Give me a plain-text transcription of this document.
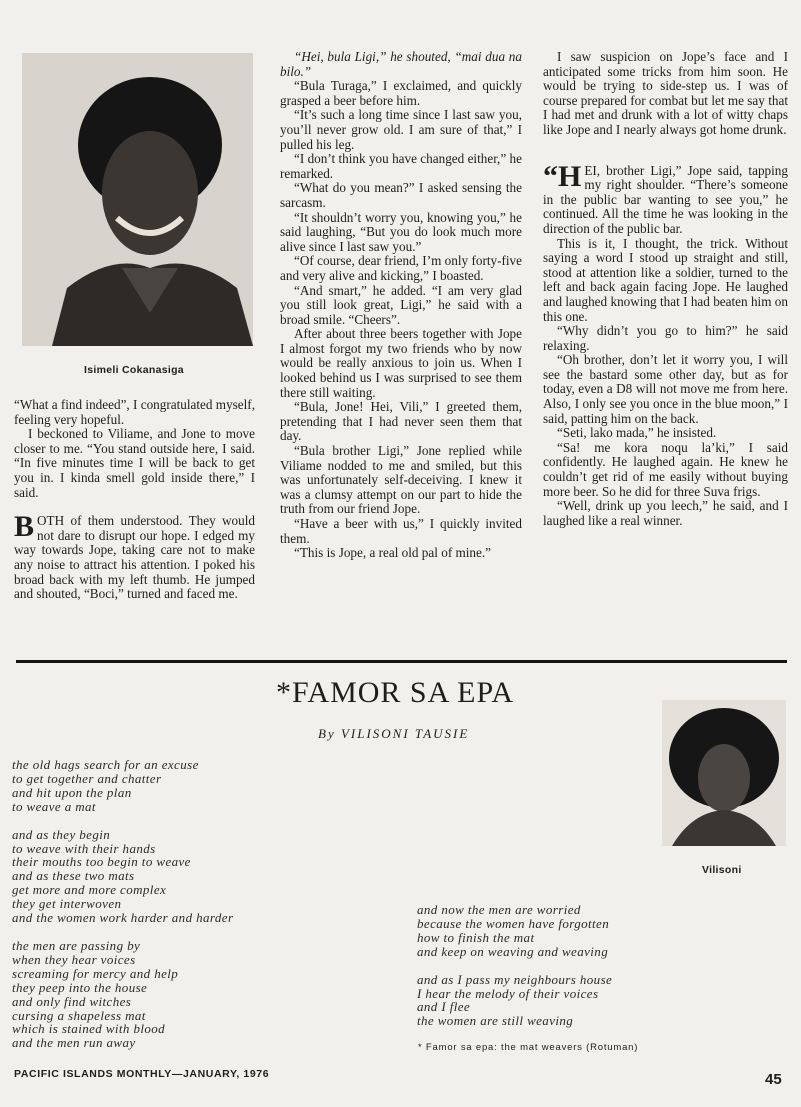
Isimeli Cokanasiga

“What a find indeed”, I congratulated myself, feeling very hopeful.

I beckoned to Viliame, and Jone to move closer to me. “You stand outside here, I said. “In five minutes time I will be back to get you in. I kinda smell gold inside there,” I said.

BOTH of them understood. They would not dare to disrupt our hope. I edged my way towards Jope, taking care not to make any noise to attract his attention. I poked his broad back with my left thumb. He jumped and shouted, “Boci,” turned and faced me.

“Hei, bula Ligi,” he shouted, “mai dua na bilo.”

“Bula Turaga,” I exclaimed, and quickly grasped a beer before him.

“It’s such a long time since I last saw you, you’ll never grow old. I am sure of that,” I pulled his leg.

“I don’t think you have changed either,” he remarked.

“What do you mean?” I asked sensing the sarcasm.

“It shouldn’t worry you, knowing you,” he said laughing, “But you do look much more alive since I last saw you.”

“Of course, dear friend, I’m only forty-five and very alive and kicking,” I boasted.

“And smart,” he added. “I am very glad you still look great, Ligi,” he said with a broad smile. “Cheers”.

After about three beers together with Jope I almost forgot my two friends who by now would be really anxious to join us. When I looked behind us I was surprised to see them there still waiting.

“Bula, Jone! Hei, Vili,” I greeted them, pretending that I had never seen them that day.

“Bula brother Ligi,” Jone replied while Viliame nodded to me and smiled, but this was unfortunately self-deceiving. I knew it was a clumsy attempt on our part to hide the truth from our friend Jope.

“Have a beer with us,” I quickly invited them.

“This is Jope, a real old pal of mine.”

I saw suspicion on Jope’s face and I anticipated some tricks from him soon. He would be trying to side-step us. I was of course prepared for combat but let me say that I had met and drunk with a lot of witty chaps like Jope and I nearly always got home drunk.

“HEI, brother Ligi,” Jope said, tapping my right shoulder. “There’s someone in the public bar wanting to see you,” he continued. All the time he was looking in the direction of the public bar.

This is it, I thought, the trick. Without saying a word I stood up straight and still, stood at attention like a soldier, turned to the left and back again facing Jope. He laughed and laughed knowing that I had beaten him on this one.

“Why didn’t you go to him?” he said relaxing.

“Oh brother, don’t let it worry you, I will see the bastard some other day, but as for today, even a D8 will not move me from here. Also, I only see you once in the blue moon,” I said, patting him on the back.

“Seti, lako mada,” he insisted.

“Sa! me kora noqu la’ki,” I said confidently. He laughed again. He knew he couldn’t get rid of me easily without buying more beer. So he did for three Suva frigs.

“Well, drink up you leech,” he said, and I laughed like a real winner.

*FAMOR SA EPA
By VILISONI TAUSIE
Vilisoni
the old hags search for an excuse
to get together and chatter
and hit upon the plan
to weave a mat
and as they begin
to weave with their hands
their mouths too begin to weave
and as these two mats
get more and more complex
they get interwoven
and the women work harder and harder
the men are passing by
when they hear voices
screaming for mercy and help
they peep into the house
and only find witches
cursing a shapeless mat
which is stained with blood
and the men run away
and now the men are worried
because the women have forgotten
how to finish the mat
and keep on weaving and weaving
and as I pass my neighbours house
I hear the melody of their voices
and I flee
the women are still weaving
* Famor sa epa: the mat weavers (Rotuman)
PACIFIC ISLANDS MONTHLY—JANUARY, 1976	45
